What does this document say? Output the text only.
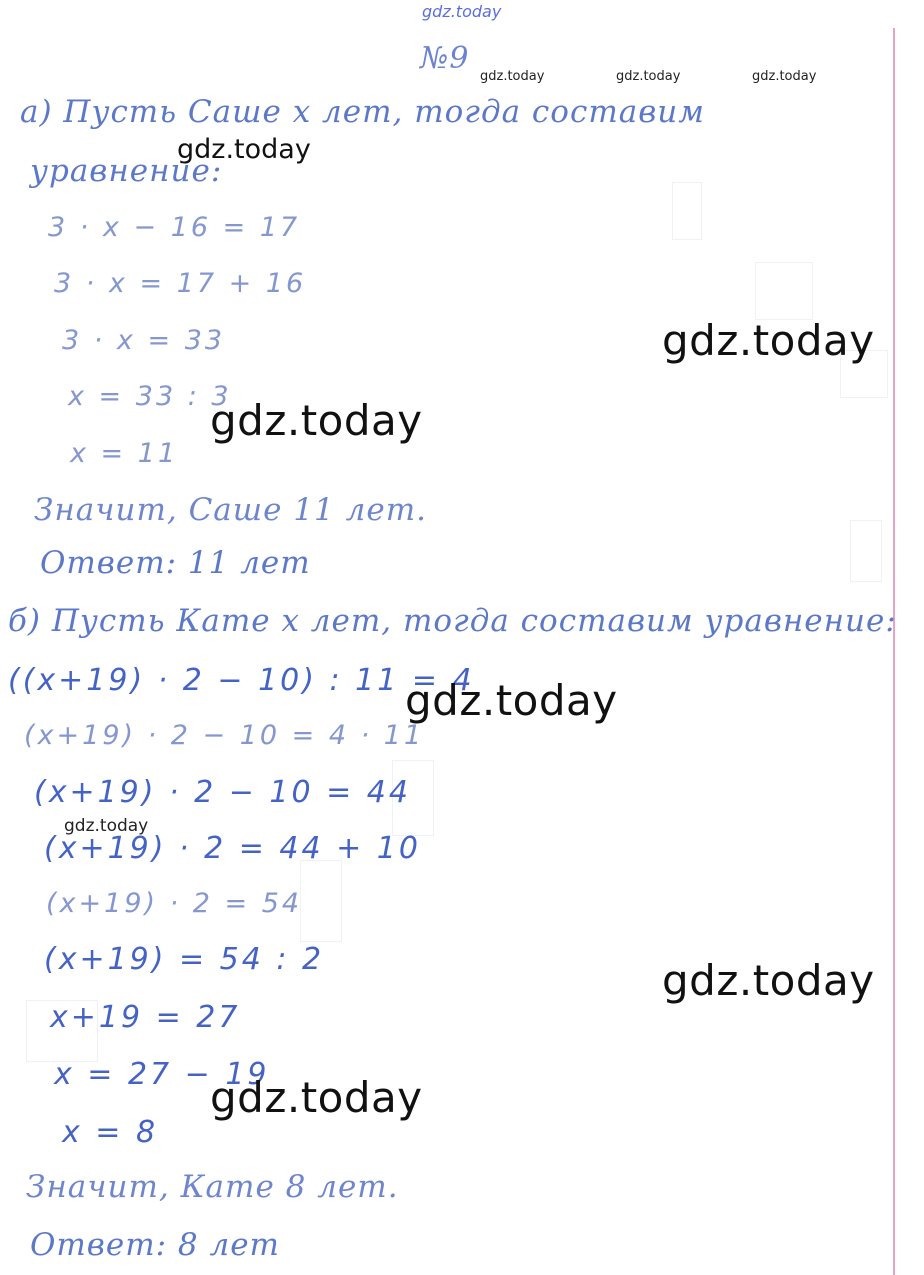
gdz.today
№9
gdz.today	gdz.today	gdz.today
а) Пусть Саше x лет, тогда составим
уравнение:
gdz.today
3 · x − 16 = 17
3 · x = 17 + 16
3 · x = 33
x = 33 : 3
x = 11
gdz.today
gdz.today
Значит, Саше 11 лет.
Ответ: 11 лет
б) Пусть Кате x лет, тогда составим уравнение:
((x+19) · 2 − 10) : 11 = 4
(x+19) · 2 − 10 = 4 · 11
(x+19) · 2 − 10 = 44
(x+19) · 2 = 44 + 10
(x+19) · 2 = 54
(x+19) = 54 : 2
x+19 = 27
x = 27 − 19
x = 8
gdz.today
gdz.today
gdz.today
gdz.today
Значит, Кате 8 лет.
Ответ: 8 лет
